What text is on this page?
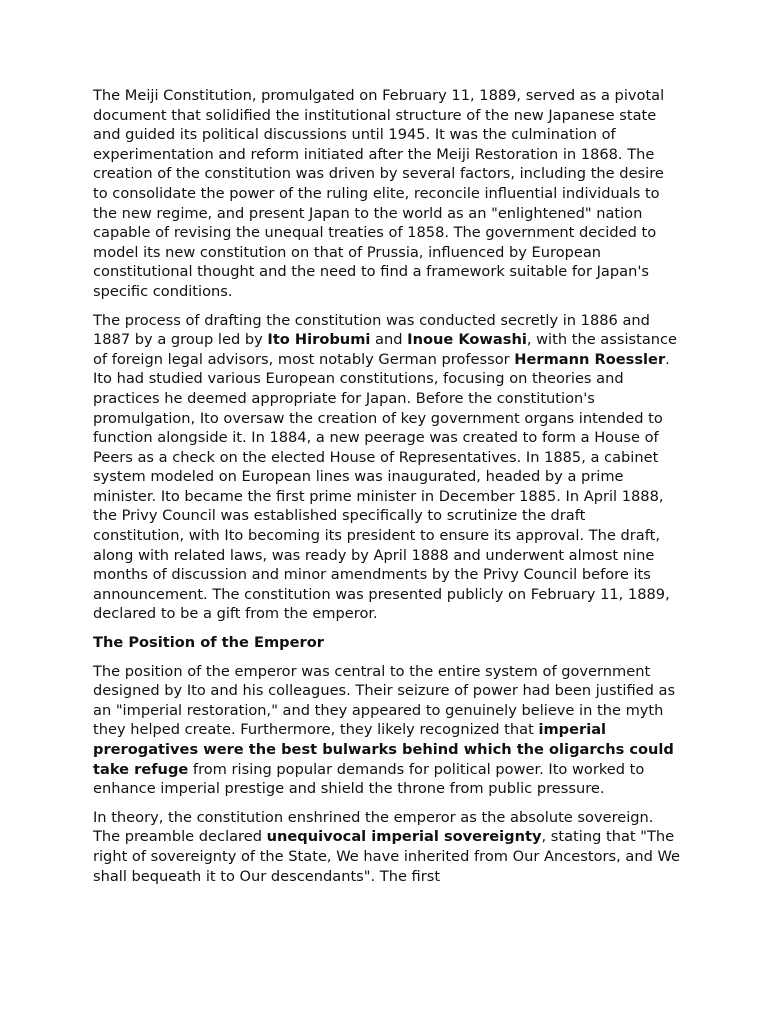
The Meiji Constitution, promulgated on February 11, 1889, served as a pivotal document that solidified the institutional structure of the new Japanese state and guided its political discussions until 1945. It was the culmination of experimentation and reform initiated after the Meiji Restoration in 1868. The creation of the constitution was driven by several factors, including the desire to consolidate the power of the ruling elite, reconcile influential individuals to the new regime, and present Japan to the world as an "enlightened" nation capable of revising the unequal treaties of 1858. The government decided to model its new constitution on that of Prussia, influenced by European constitutional thought and the need to find a framework suitable for Japan's specific conditions.

The process of drafting the constitution was conducted secretly in 1886 and 1887 by a group led by Ito Hirobumi and Inoue Kowashi, with the assistance of foreign legal advisors, most notably German professor Hermann Roessler. Ito had studied various European constitutions, focusing on theories and practices he deemed appropriate for Japan. Before the constitution's promulgation, Ito oversaw the creation of key government organs intended to function alongside it. In 1884, a new peerage was created to form a House of Peers as a check on the elected House of Representatives. In 1885, a cabinet system modeled on European lines was inaugurated, headed by a prime minister. Ito became the first prime minister in December 1885. In April 1888, the Privy Council was established specifically to scrutinize the draft constitution, with Ito becoming its president to ensure its approval. The draft, along with related laws, was ready by April 1888 and underwent almost nine months of discussion and minor amendments by the Privy Council before its announcement. The constitution was presented publicly on February 11, 1889, declared to be a gift from the emperor.

The Position of the Emperor

The position of the emperor was central to the entire system of government designed by Ito and his colleagues. Their seizure of power had been justified as an "imperial restoration," and they appeared to genuinely believe in the myth they helped create. Furthermore, they likely recognized that imperial prerogatives were the best bulwarks behind which the oligarchs could take refuge from rising popular demands for political power. Ito worked to enhance imperial prestige and shield the throne from public pressure.

In theory, the constitution enshrined the emperor as the absolute sovereign. The preamble declared unequivocal imperial sovereignty, stating that "The right of sovereignty of the State, We have inherited from Our Ancestors, and We shall bequeath it to Our descendants". The first
